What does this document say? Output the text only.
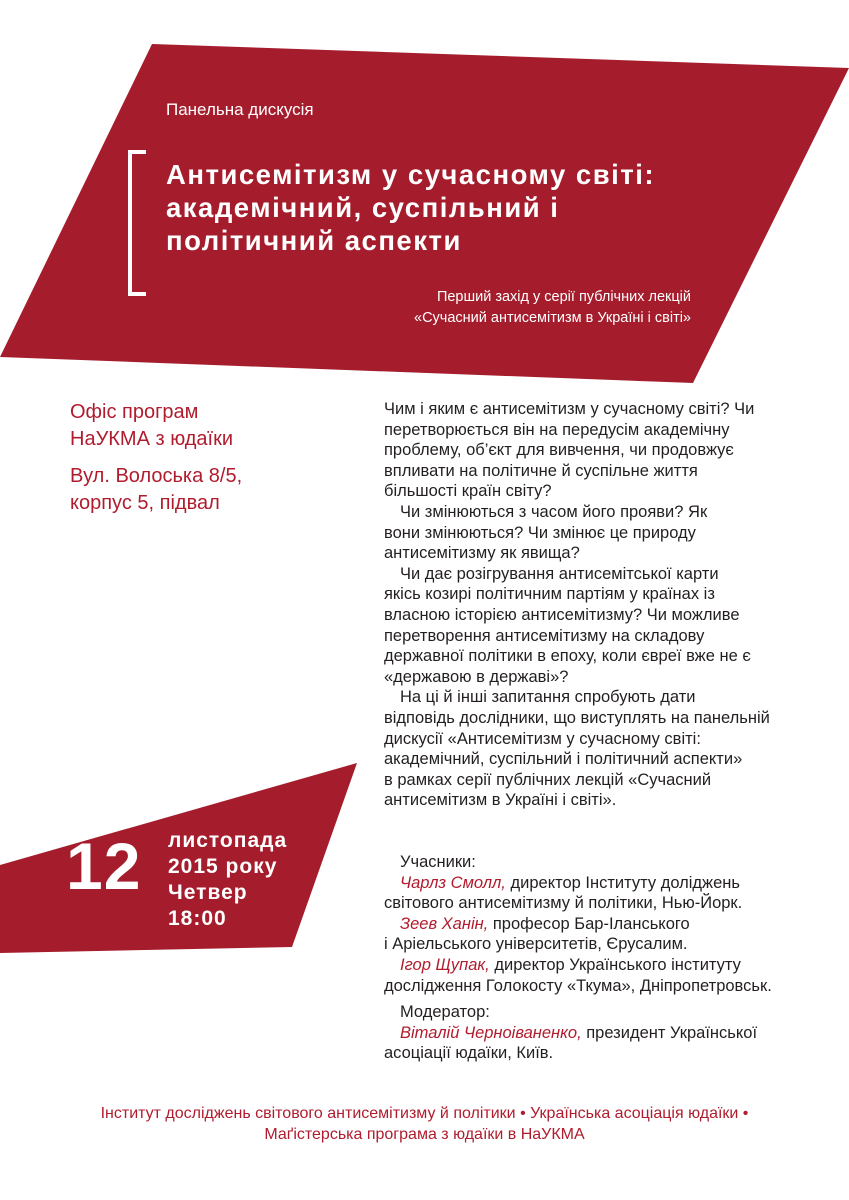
Панельна дискусія
Антисемітизм у сучасному світі:
академічний, суспільний і
політичний аспекти
Перший захід у серії публічних лекцій
«Сучасний антисемітизм в Україні і світі»
Офіс програм
НаУКМА з юдаїки
Вул. Волоська 8/5,
корпус 5, підвал
12 листопада
2015 року
Четвер
18:00

Чим і яким є антисемітизм у сучасному світі? Чи
перетворюється він на передусім академічну
проблему, об’єкт для вивчення, чи продовжує
впливати на політичне й суспільне життя
більшості країн світу?

Чи змінюються з часом його прояви? Як
вони змінюються? Чи змінює це природу
антисемітизму як явища?

Чи дає розігрування антисемітської карти
якісь козирі політичним партіям у країнах із
власною історією антисемітизму? Чи можливе
перетворення антисемітизму на складову
державної політики в епоху, коли євреї вже не є
«державою в державі»?

На ці й інші запитання спробують дати
відповідь дослідники, що виступлять на панельній
дискусії «Антисемітизм у сучасному світі:
академічний, суспільний і політичний аспекти»
в рамках серії публічних лекцій «Сучасний
антисемітизм в Україні і світі».

Учасники:
Чарлз Смолл, директор Інституту доліджень
світового антисемітизму й політики, Нью-Йорк.
Зеев Ханін, професор Бар-Іланського
і Аріельського університетів, Єрусалим.
Ігор Щупак, директор Українського інституту
дослідження Голокосту «Ткума», Дніпропетровськ.
Модератор:
Віталій Черноіваненко, президент Української
асоціації юдаїки, Київ.
Інститут досліджень світового антисемітизму й політики • Українська асоціація юдаїки •
Маґістерська програма з юдаїки в НаУКМА
